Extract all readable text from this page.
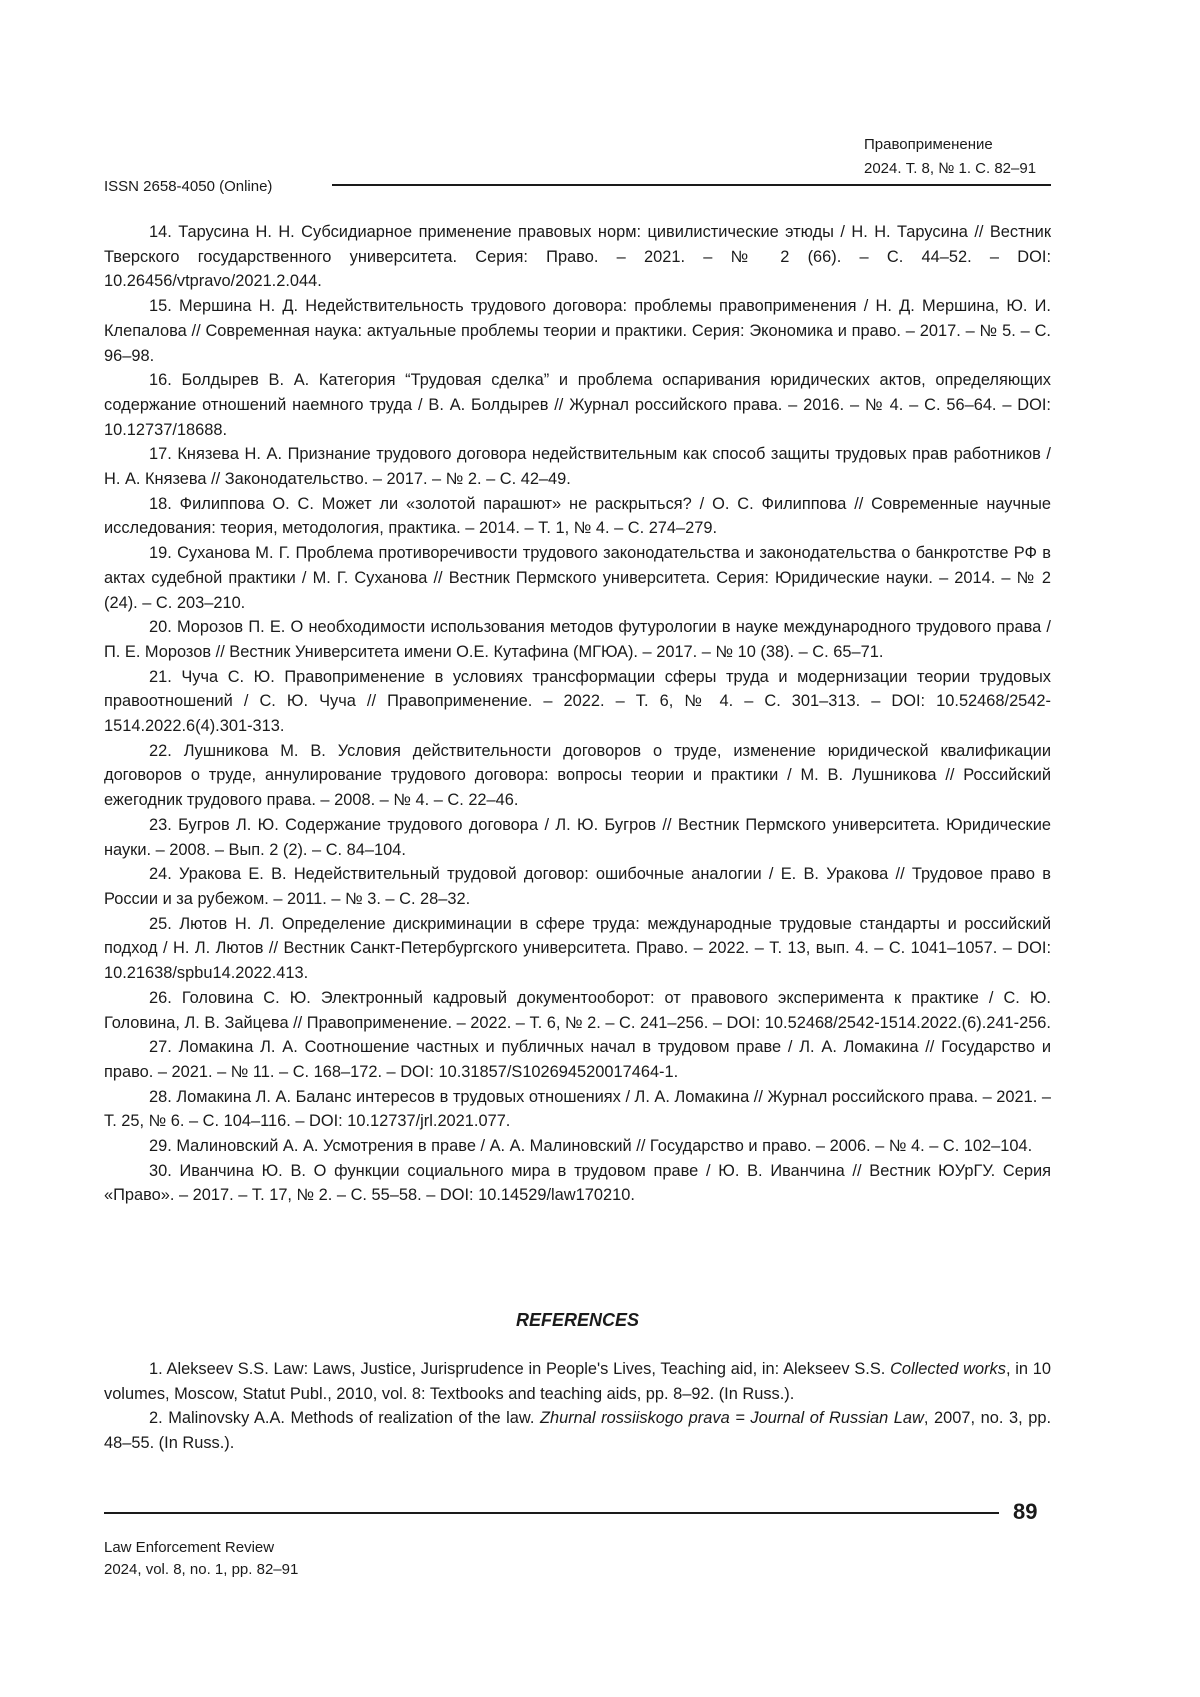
Правоприменение
2024. Т. 8, № 1. С. 82–91
ISSN 2658-4050 (Online)

14. Тарусина Н. Н. Субсидиарное применение правовых норм: цивилистические этюды / Н. Н. Тарусина // Вестник Тверского государственного университета. Серия: Право. – 2021. – № 2 (66). – С. 44–52. – DOI: 10.26456/vtpravo/2021.2.044.

15. Мершина Н. Д. Недействительность трудового договора: проблемы правоприменения / Н. Д. Мершина, Ю. И. Клепалова // Современная наука: актуальные проблемы теории и практики. Серия: Экономика и право. – 2017. – № 5. – С. 96–98.

16. Болдырев В. А. Категория “Трудовая сделка” и проблема оспаривания юридических актов, определяющих содержание отношений наемного труда / В. А. Болдырев // Журнал российского права. – 2016. – № 4. – С. 56–64. – DOI: 10.12737/18688.

17. Князева Н. А. Признание трудового договора недействительным как способ защиты трудовых прав работников / Н. А. Князева // Законодательство. – 2017. – № 2. – С. 42–49.

18. Филиппова О. С. Может ли «золотой парашют» не раскрыться? / О. С. Филиппова // Современные научные исследования: теория, методология, практика. – 2014. – Т. 1, № 4. – С. 274–279.

19. Суханова М. Г. Проблема противоречивости трудового законодательства и законодательства о банкротстве РФ в актах судебной практики / М. Г. Суханова // Вестник Пермского университета. Серия: Юридические науки. – 2014. – № 2 (24). – С. 203–210.

20. Морозов П. Е. О необходимости использования методов футурологии в науке международного трудового права / П. Е. Морозов // Вестник Университета имени О.Е. Кутафина (МГЮА). – 2017. – № 10 (38). – С. 65–71.

21. Чуча С. Ю. Правоприменение в условиях трансформации сферы труда и модернизации теории трудовых правоотношений / С. Ю. Чуча // Правоприменение. – 2022. – Т. 6, № 4. – С. 301–313. – DOI: 10.52468/2542-1514.2022.6(4).301-313.

22. Лушникова М. В. Условия действительности договоров о труде, изменение юридической квалификации договоров о труде, аннулирование трудового договора: вопросы теории и практики / М. В. Лушникова // Российский ежегодник трудового права. – 2008. – № 4. – С. 22–46.

23. Бугров Л. Ю. Содержание трудового договора / Л. Ю. Бугров // Вестник Пермского университета. Юридические науки. – 2008. – Вып. 2 (2). – С. 84–104.

24. Уракова Е. В. Недействительный трудовой договор: ошибочные аналогии / Е. В. Уракова // Трудовое право в России и за рубежом. – 2011. – № 3. – С. 28–32.

25. Лютов Н. Л. Определение дискриминации в сфере труда: международные трудовые стандарты и российский подход / Н. Л. Лютов // Вестник Санкт-Петербургского университета. Право. – 2022. – Т. 13, вып. 4. – С. 1041–1057. – DOI: 10.21638/spbu14.2022.413.

26. Головина С. Ю. Электронный кадровый документооборот: от правового эксперимента к практике / С. Ю. Головина, Л. В. Зайцева // Правоприменение. – 2022. – Т. 6, № 2. – С. 241–256. – DOI: 10.52468/2542-1514.2022.(6).241-256.

27. Ломакина Л. А. Соотношение частных и публичных начал в трудовом праве / Л. А. Ломакина // Государство и право. – 2021. – № 11. – С. 168–172. – DOI: 10.31857/S102694520017464-1.

28. Ломакина Л. А. Баланс интересов в трудовых отношениях / Л. А. Ломакина // Журнал российского права. – 2021. – Т. 25, № 6. – С. 104–116. – DOI: 10.12737/jrl.2021.077.

29. Малиновский А. А. Усмотрения в праве / А. А. Малиновский // Государство и право. – 2006. – № 4. – С. 102–104.

30. Иванчина Ю. В. О функции социального мира в трудовом праве / Ю. В. Иванчина // Вестник ЮУрГУ. Серия «Право». – 2017. – Т. 17, № 2. – С. 55–58. – DOI: 10.14529/law170210.

REFERENCES

1. Alekseev S.S. Law: Laws, Justice, Jurisprudence in People's Lives, Teaching aid, in: Alekseev S.S. Collected works, in 10 volumes, Moscow, Statut Publ., 2010, vol. 8: Textbooks and teaching aids, pp. 8–92. (In Russ.).

2. Malinovsky A.A. Methods of realization of the law. Zhurnal rossiiskogo prava = Journal of Russian Law, 2007, no. 3, pp. 48–55. (In Russ.).

89
Law Enforcement Review
2024, vol. 8, no. 1, pp. 82–91
